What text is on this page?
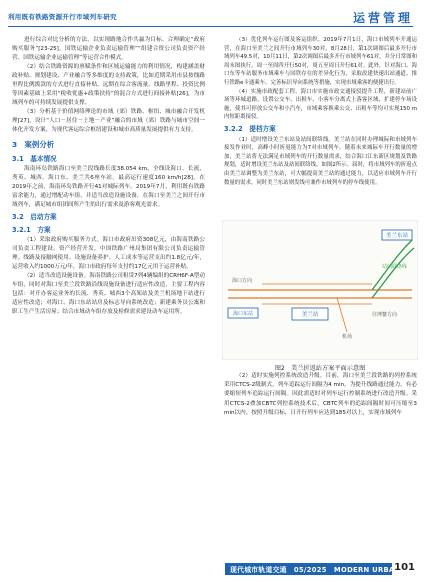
利用既有铁路资源开行市域列车研究	运营管理

进行综合对比分析的方法，以实现路地合作共赢为目标。合理确定“政府购买服务”[23-25]，国铁运输企业负责运输管理”“组建合资公司负责资产经营、国铁运输企业运输管理”等运营合作模式。

（2）结合铁路资源的禀赋条件和区域运输能力的利用情况，构建涵盖财政补贴、规划建设、产业融合等多维度的支持政策，比如近期采用市县按线路里程比例拨款的方式进行直接补贴，远期在综合客流量、线路里程、投资比例等因素基础上采用“税收优惠+政策扶持”的混合方式进行间接补贴[26]，为市域列车的可持续发展提供支撑。

（3）分析基于价值网络理论的市域（郊）铁路、枢纽、城市融合开发机理[27]，设计“人口－居住－土地－产业”融合的市域（郊）铁路与城市空间一体化开发方案，为现代客运综合枢纽建设和城市高质量发展提供有力支持。

3　案例分析
3.1　基本情况

海南环岛铁路海口至美兰段线路长度38.054 km，全线设海口、长流、秀英、城西、海口东、美兰共6座车站。最高运行速度160 km/h[28]。在2019年之前，海南环岛铁路开行41对城际列车。2019年7月，利用既有铁路富余能力，通过增配动车组、并适当改造设施设备，在海口至美兰之间开行市域列车，满足城市组团间所产生的出行需求及游客观光需求。

3.2　启动方案
3.2.1　方案

（1）采取政府购买服务方式。海口市政府出资308亿元，由海南铁路公司负责工程建设、资产经营开发，中国铁路广州局集团有限公司负责运输管理。线路及接触网使用、设施设备养护、人工成本等运营支出约1.8亿元/年，运营收入约1000万元/年，海口市政府每年支付约17亿元用于运营补贴。

（2）适当改造设施设备。海南铁路公司租赁7列4辆编组的CRH6F-A型动车组，同时对海口至美兰段铁路沿线设施设备进行适应性改造，主要工程内容包括：对开办客运业务的长流、秀英、城西3个高架站及美兰机场地下站进行适应性改造；对海口、海口东站站房及标志导向系统改造；新建乘务员公寓和职工生产生活房屋；结合市域动车组存放及检修需求建设动车运用所。

（3）优化列车运行图及客运组织。2019年7月1日，海口市域列车开通运营，在海口至美兰之间开行市域列车30对，8月28日，第1次调图后最多开行市域列车49.5对，10月11日，第2次调图后最多开行市域列车61对，并分日常图和周末图执行，周一至周四开行50对，周五至周日开行61对。此外，针对海口、海口东等车站服务市域乘车与国铁存在的差异化行为，采取改建快速出站通道、推行铁路e卡通乘车、完善标识导向系统等措施，实现市域乘客的便捷出行。

（4）实施市政配套工程。海口市实施市政交通接驳提升工程，新建站前广场等环城道路，设置公交车、出租车、小客车分离式上落客区域，扩建停车场设施，使其可停放公交车和小汽车，市域乘客换乘公交、出租车等均可实现150 m内短距离接驳。

3.2.2　提档方案

（1）适时增设美兰东站及站间联络线。美兰站在同时办理城际和市域列车接发作业时，高峰小时折返能力为7对市域列车。随着未来城际车开行数量的增加，美兰站将无法满足市域列车的开行数量需求，结合海口江东新区规划及铁路规划，适时增设美兰东站及站间联络线，如图2所示。届时，将市域列车的折返点由美兰站调整为美兰东站，可大幅提高美兰站的通过能力，以适应市域列车开行数量的需求，同时美兰东站则发线可兼作市域列车的停车线使用。

美兰站
美兰东站
海口东站
站间联络线
海口方向
往博鳌方向
机场
图2　美兰折返站方案平面示意图

（2）适时实施列控系统改造升级。目前，海口至美兰段铁路的列控系统采用CTCS-2级制式，列车追踪运行间隔为4 min，为提升线路通过能力，有必要缩短列车追踪运行间隔。因此需适时对列车运行控制系统进行改造升级。采用CTCS-2叠加CBTC列控系统技术后，CBTC列车的追踪间隔时间可压缩至3 min以内。按照升级目标，日开行列车应达到185对以上，实现市域列车

现代城市轨道交通　05/2025　MODERN URBAN TRANSIT
101
